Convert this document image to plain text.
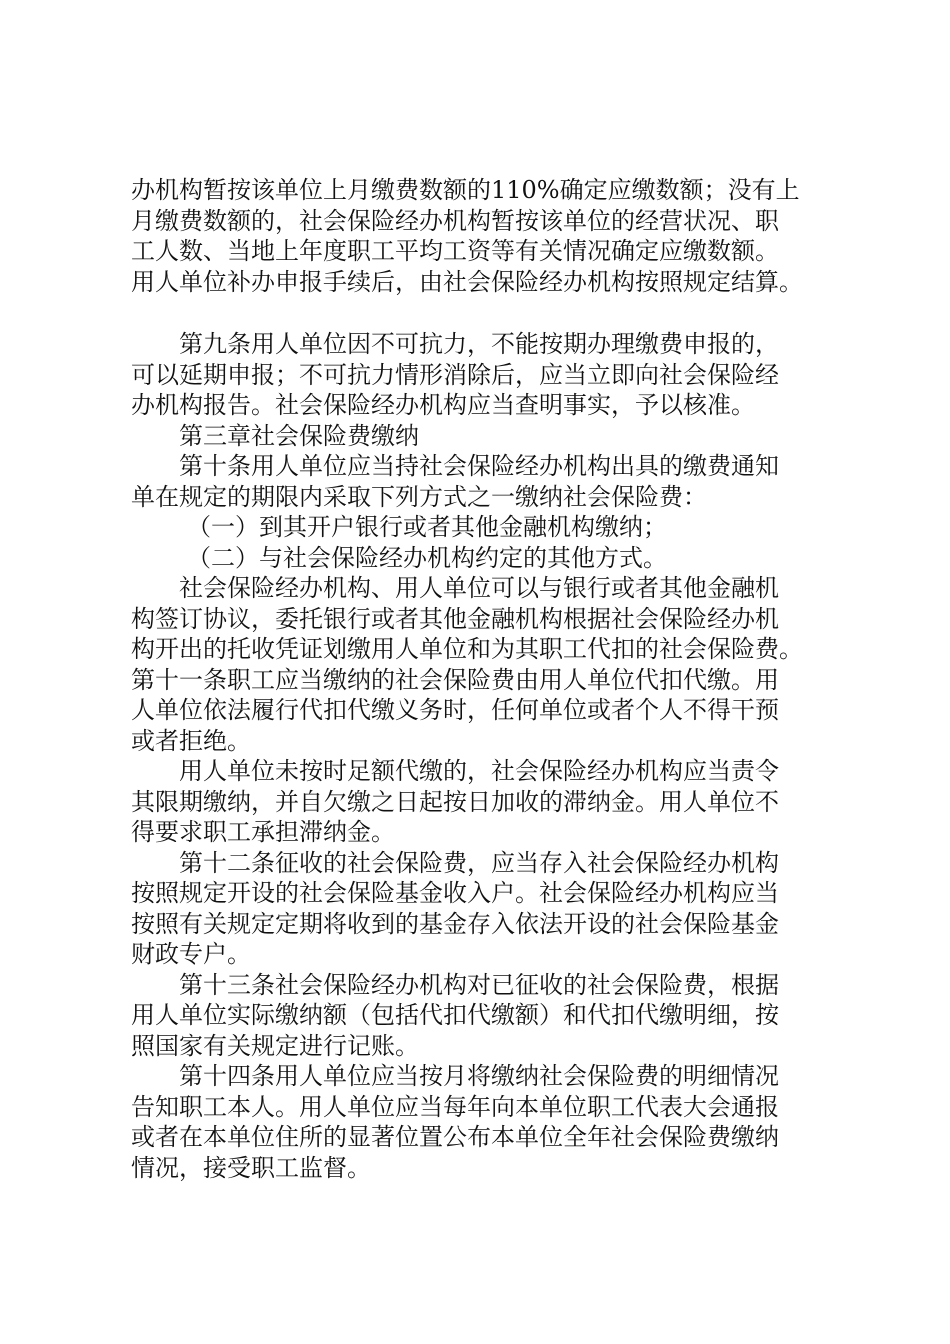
办机构暂按该单位上月缴费数额的110%确定应缴数额；没有上
月缴费数额的，社会保险经办机构暂按该单位的经营状况、职
工人数、当地上年度职工平均工资等有关情况确定应缴数额。
用人单位补办申报手续后，由社会保险经办机构按照规定结算。
第九条用人单位因不可抗力，不能按期办理缴费申报的，
可以延期申报；不可抗力情形消除后，应当立即向社会保险经
办机构报告。社会保险经办机构应当查明事实，予以核准。
第三章社会保险费缴纳
第十条用人单位应当持社会保险经办机构出具的缴费通知
单在规定的期限内采取下列方式之一缴纳社会保险费：
（一）到其开户银行或者其他金融机构缴纳；
（二）与社会保险经办机构约定的其他方式。
社会保险经办机构、用人单位可以与银行或者其他金融机
构签订协议，委托银行或者其他金融机构根据社会保险经办机
构开出的托收凭证划缴用人单位和为其职工代扣的社会保险费。
第十一条职工应当缴纳的社会保险费由用人单位代扣代缴。用
人单位依法履行代扣代缴义务时，任何单位或者个人不得干预
或者拒绝。
用人单位未按时足额代缴的，社会保险经办机构应当责令
其限期缴纳，并自欠缴之日起按日加收的滞纳金。用人单位不
得要求职工承担滞纳金。
第十二条征收的社会保险费，应当存入社会保险经办机构
按照规定开设的社会保险基金收入户。社会保险经办机构应当
按照有关规定定期将收到的基金存入依法开设的社会保险基金
财政专户。
第十三条社会保险经办机构对已征收的社会保险费，根据
用人单位实际缴纳额（包括代扣代缴额）和代扣代缴明细，按
照国家有关规定进行记账。
第十四条用人单位应当按月将缴纳社会保险费的明细情况
告知职工本人。用人单位应当每年向本单位职工代表大会通报
或者在本单位住所的显著位置公布本单位全年社会保险费缴纳
情况，接受职工监督。
